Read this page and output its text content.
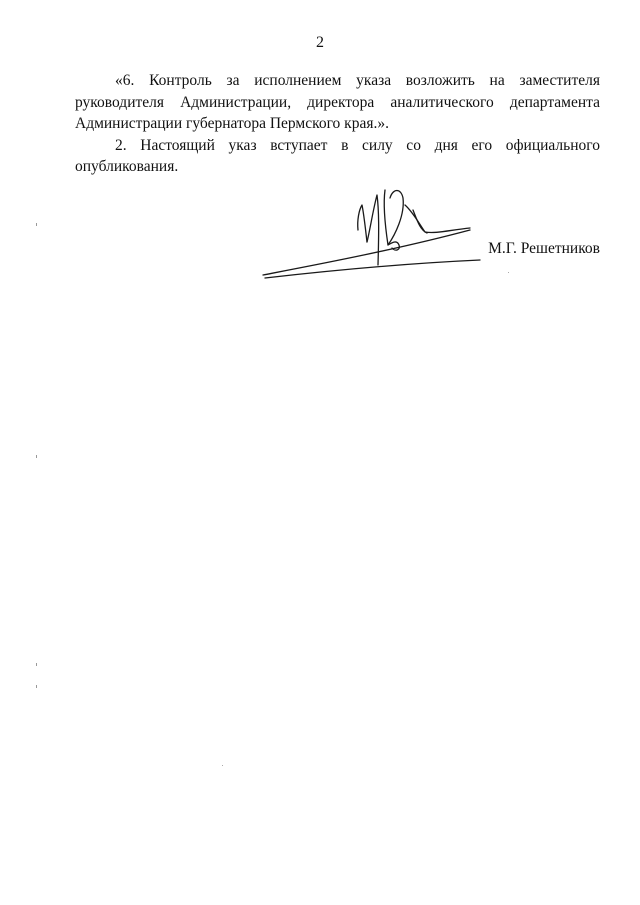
2

«6. Контроль за исполнением указа возложить на заместителя руководителя Администрации, директора аналитического департамента Администрации губернатора Пермского края.».

2. Настоящий указ вступает в силу со дня его официального опубликования.

М.Г. Решетников
